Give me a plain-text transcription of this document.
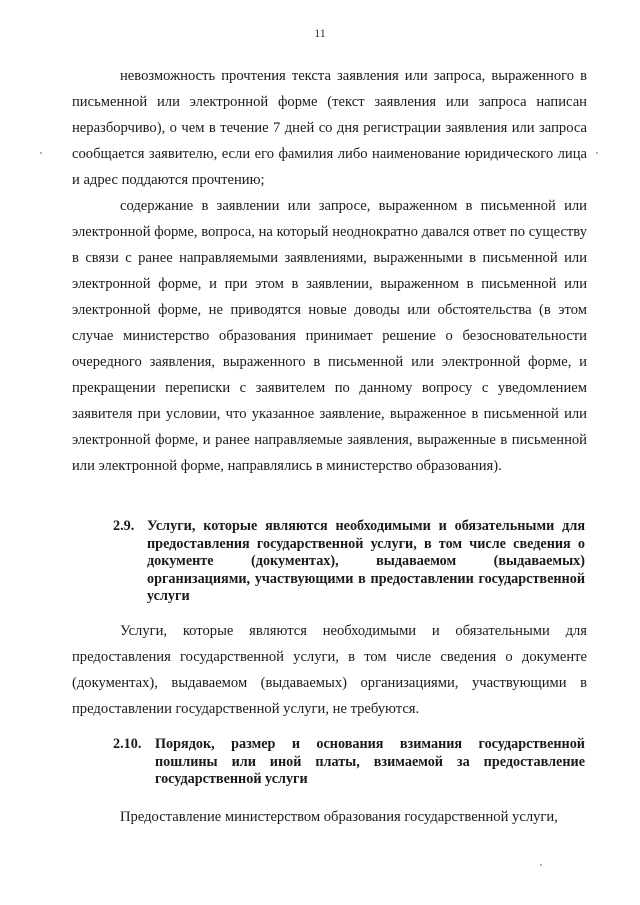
11
невозможность прочтения текста заявления или запроса, выраженного в письменной или электронной форме (текст заявления или запроса написан неразборчиво), о чем в течение 7 дней со дня регистрации заявления или запроса сообщается заявителю, если его фамилия либо наименование юридического лица и адрес поддаются прочтению;
содержание в заявлении или запросе, выраженном в письменной или электронной форме, вопроса, на который неоднократно давался ответ по существу в связи с ранее направляемыми заявлениями, выраженными в письменной или электронной форме, и при этом в заявлении, выраженном в письменной или электронной форме, не приводятся новые доводы или обстоятельства (в этом случае министерство образования принимает решение о безосновательности очередного заявления, выраженного в письменной или электронной форме, и прекращении переписки с заявителем по данному вопросу с уведомлением заявителя при условии, что указанное заявление, выраженное в письменной или электронной форме, и ранее направляемые заявления, выраженные в письменной или электронной форме, направлялись в министерство образования).
2.9. Услуги, которые являются необходимыми и обязательными для предоставления государственной услуги, в том числе сведения о документе (документах), выдаваемом (выдаваемых) организациями, участвующими в предоставлении государственной услуги
Услуги, которые являются необходимыми и обязательными для предоставления государственной услуги, в том числе сведения о документе (документах), выдаваемом (выдаваемых) организациями, участвующими в предоставлении государственной услуги, не требуются.
2.10. Порядок, размер и основания взимания государственной пошлины или иной платы, взимаемой за предоставление государственной услуги
Предоставление министерством образования государственной услуги,
